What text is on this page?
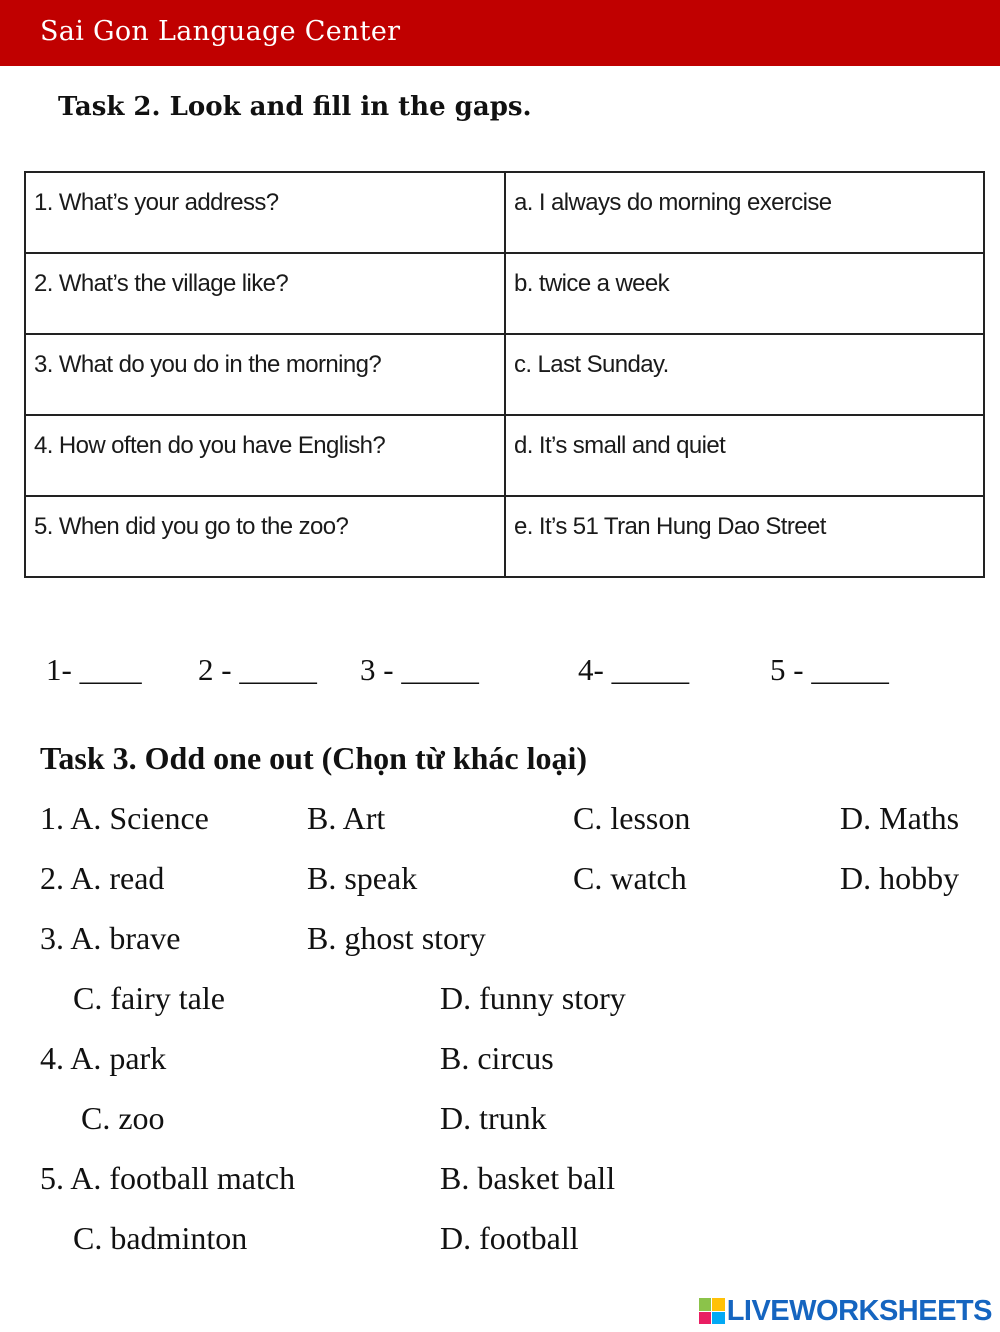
Sai Gon Language Center
Task 2. Look and fill in the gaps.
1. What’s your address?	a. I always do morning exercise
2. What’s the village like?	b. twice a week
3. What do you do in the morning?	c. Last Sunday.
4. How often do you have English?	d. It’s small and quiet
5. When did you go to the zoo?	e. It’s 51 Tran Hung Dao Street
1- ____ 2 - _____ 3 - _____	4- _____	5 - _____
Task 3. Odd one out (Chọn từ khác loại)
1. A. Science	B. Art	C. lesson	D. Maths
2. A. read	B. speak	C. watch	D. hobby
3. A. brave	B. ghost story
C. fairy tale	D. funny story
4. A. park	B. circus
C. zoo	D. trunk
5. A. football match	B. basket ball
C. badminton	D. football
LIVEWORKSHEETS
